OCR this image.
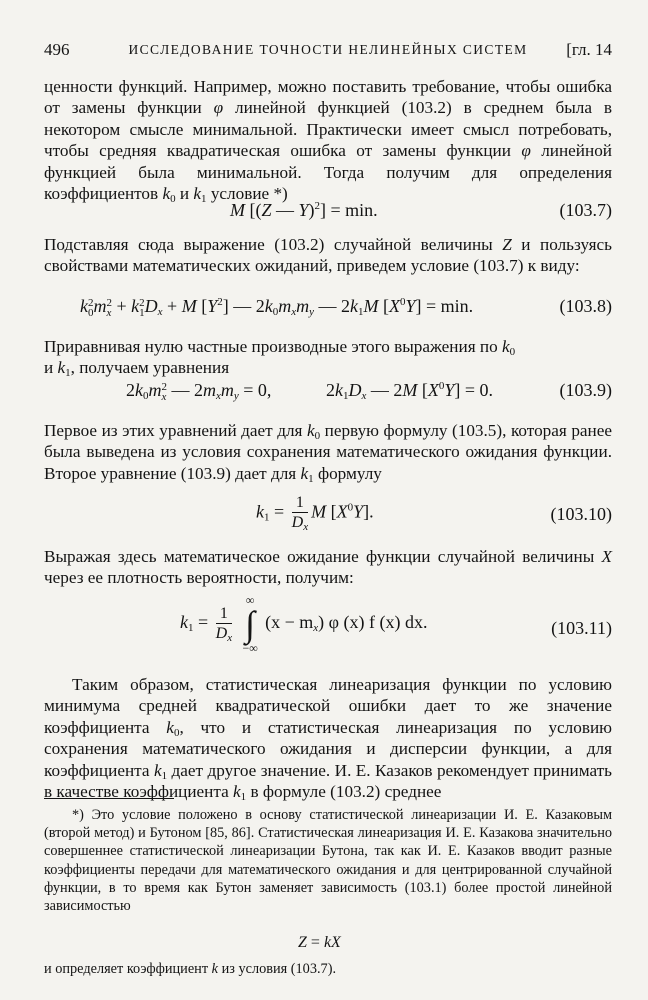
496	ИССЛЕДОВАНИЕ ТОЧНОСТИ НЕЛИНЕЙНЫХ СИСТЕМ	[гл. 14

ценности функций. Например, можно поставить требование, чтобы ошибка от замены функции φ линейной функцией (103.2) в среднем была в некотором смысле минимальной. Практически имеет смысл потребовать, чтобы средняя квадратическая ошибка от замены функции φ линейной функцией была минимальной. Тогда получим для определения коэффициентов $k_0$ и $k_1$ условие *)

M [(Z — Y)$^2$] = min.	(103.7)

Подставляя сюда выражение (103.2) случайной величины Z и пользуясь свойствами математических ожиданий, приведем условие (103.7) к виду:

k2
0m2
x + k2
$1D_x + M$ $[Y^2]$ — $2k_0m_xm_y$ — $2k_1M$ $[X^0Y] = \min$.	(103.8)

Приравнивая нулю частные производные этого выражения по $k_0$
и $k_1$, получаем уравнения

$2k_0m2$
x — $2m_xm_y = 0$,	$2k_1D_x$ — 2M $[X^0Y] = 0$.	(103.9)

Первое из этих уравнений дает для $k_0$ первую формулу (103.5), которая ранее была выведена из условия сохранения математического ожидания функции. Второе уравнение (103.9) дает для $k_1$ формулу

$k_1 = \frac{1}{D_x}$ M $[X^0Y]$.	(103.10)

Выражая здесь математическое ожидание функции случайной величины X через ее плотность вероятности, получим:

$k_1 = \frac{1}{D_x}$
∞
∫
−∞
$(x - m_x)$ φ (x) f (x) dx.	(103.11)

Таким образом, статистическая линеаризация функции по условию минимума средней квадратической ошибки дает то же значение коэффициента $k_0$, что и статистическая линеаризация по условию сохранения математического ожидания и дисперсии функции, а для коэффициента $k_1$ дает другое значение. И. Е. Казаков рекомендует принимать в качестве коэффициента $k_1$ в формуле (103.2) среднее

*) Это условие положено в основу статистической линеаризации И. Е. Казаковым (второй метод) и Бутоном [85, 86]. Статистическая линеаризация И. Е. Казакова значительно совершеннее статистической линеаризации Бутона, так как И. Е. Казаков вводит разные коэффициенты передачи для математического ожидания и для центрированной случайной функции, в то время как Бутон заменяет зависимость (103.1) более простой линейной зависимостью

Z = kX

и определяет коэффициент k из условия (103.7).
